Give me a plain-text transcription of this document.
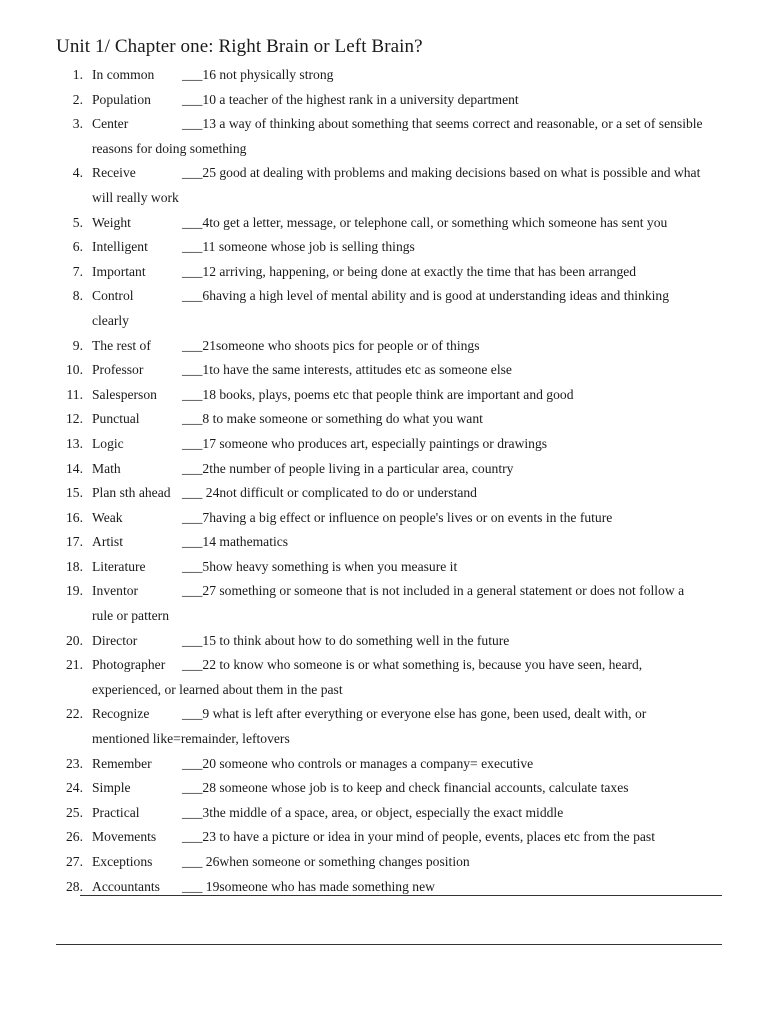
Unit 1/ Chapter one: Right Brain or Left Brain?
1. In common	___16 not physically strong
2. Population	___10 a teacher of the highest rank in a university department
3. Center	___13 a way of thinking about something that seems correct and reasonable, or a set of sensible
reasons for doing something
4. Receive	___25 good at dealing with problems and making decisions based on what is possible and what
will really work
5. Weight	___4to get a letter, message, or telephone call, or something which someone has sent you
6. Intelligent	___11 someone whose job is selling things
7. Important	___12 arriving, happening, or being done at exactly the time that has been arranged
8. Control	___6having a high level of mental ability and is good at understanding ideas and thinking
clearly
9. The rest of	___21someone who shoots pics for people or of things
10. Professor	___1to have the same interests, attitudes etc as someone else
11. Salesperson	___18 books, plays, poems etc that people think are important and good
12. Punctual	___8 to make someone or something do what you want
13. Logic	___17 someone who produces art, especially paintings or drawings
14. Math	___2the number of people living in a particular area, country
15. Plan sth ahead ___ 24not difficult or complicated to do or understand
16. Weak	___7having a big effect or influence on people's lives or on events in the future
17. Artist	___14 mathematics
18. Literature	___5how heavy something is when you measure it
19. Inventor	___27 something or someone that is not included in a general statement or does not follow a
rule or pattern
20. Director	___15 to think about how to do something well in the future
21. Photographer	___22 to know who someone is or what something is, because you have seen, heard,
experienced, or learned about them in the past
22. Recognize	___9 what is left after everything or everyone else has gone, been used, dealt with, or
mentioned like=remainder, leftovers
23. Remember	___20 someone who controls or manages a company= executive
24. Simple	___28 someone whose job is to keep and check financial accounts, calculate taxes
25. Practical	___3the middle of a space, area, or object, especially the exact middle
26. Movements	___23 to have a picture or idea in your mind of people, events, places etc from the past
27. Exceptions	___ 26when someone or something changes position
28. Accountants	___ 19someone who has made something new
